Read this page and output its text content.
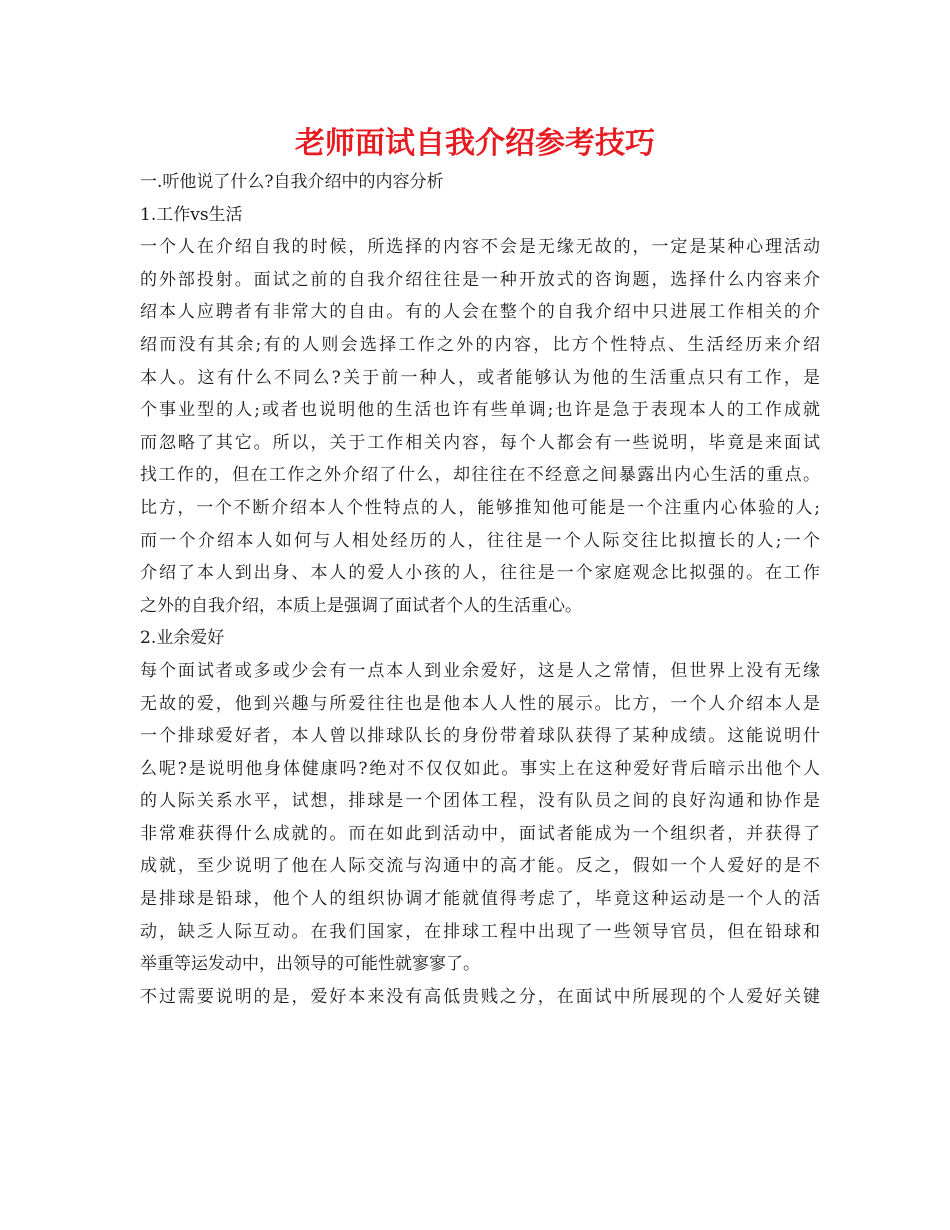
老师面试自我介绍参考技巧
一.听他说了什么?自我介绍中的内容分析
1.工作vs生活
一个人在介绍自我的时候，所选择的内容不会是无缘无故的，一定是某种心理活动
的外部投射。面试之前的自我介绍往往是一种开放式的咨询题，选择什么内容来介
绍本人应聘者有非常大的自由。有的人会在整个的自我介绍中只进展工作相关的介
绍而没有其余;有的人则会选择工作之外的内容，比方个性特点、生活经历来介绍
本人。这有什么不同么?关于前一种人，或者能够认为他的生活重点只有工作，是
个事业型的人;或者也说明他的生活也许有些单调;也许是急于表现本人的工作成就
而忽略了其它。所以，关于工作相关内容，每个人都会有一些说明，毕竟是来面试
找工作的，但在工作之外介绍了什么，却往往在不经意之间暴露出内心生活的重点。
比方，一个不断介绍本人个性特点的人，能够推知他可能是一个注重内心体验的人;
而一个介绍本人如何与人相处经历的人，往往是一个人际交往比拟擅长的人;一个
介绍了本人到出身、本人的爱人小孩的人，往往是一个家庭观念比拟强的。在工作
之外的自我介绍，本质上是强调了面试者个人的生活重心。
2.业余爱好
每个面试者或多或少会有一点本人到业余爱好，这是人之常情，但世界上没有无缘
无故的爱，他到兴趣与所爱往往也是他本人人性的展示。比方，一个人介绍本人是
一个排球爱好者，本人曾以排球队长的身份带着球队获得了某种成绩。这能说明什
么呢?是说明他身体健康吗?绝对不仅仅如此。事实上在这种爱好背后暗示出他个人
的人际关系水平，试想，排球是一个团体工程，没有队员之间的良好沟通和协作是
非常难获得什么成就的。而在如此到活动中，面试者能成为一个组织者，并获得了
成就，至少说明了他在人际交流与沟通中的高才能。反之，假如一个人爱好的是不
是排球是铅球，他个人的组织协调才能就值得考虑了，毕竟这种运动是一个人的活
动，缺乏人际互动。在我们国家，在排球工程中出现了一些领导官员，但在铅球和
举重等运发动中，出领导的可能性就寥寥了。
不过需要说明的是，爱好本来没有高低贵贱之分，在面试中所展现的个人爱好关键
